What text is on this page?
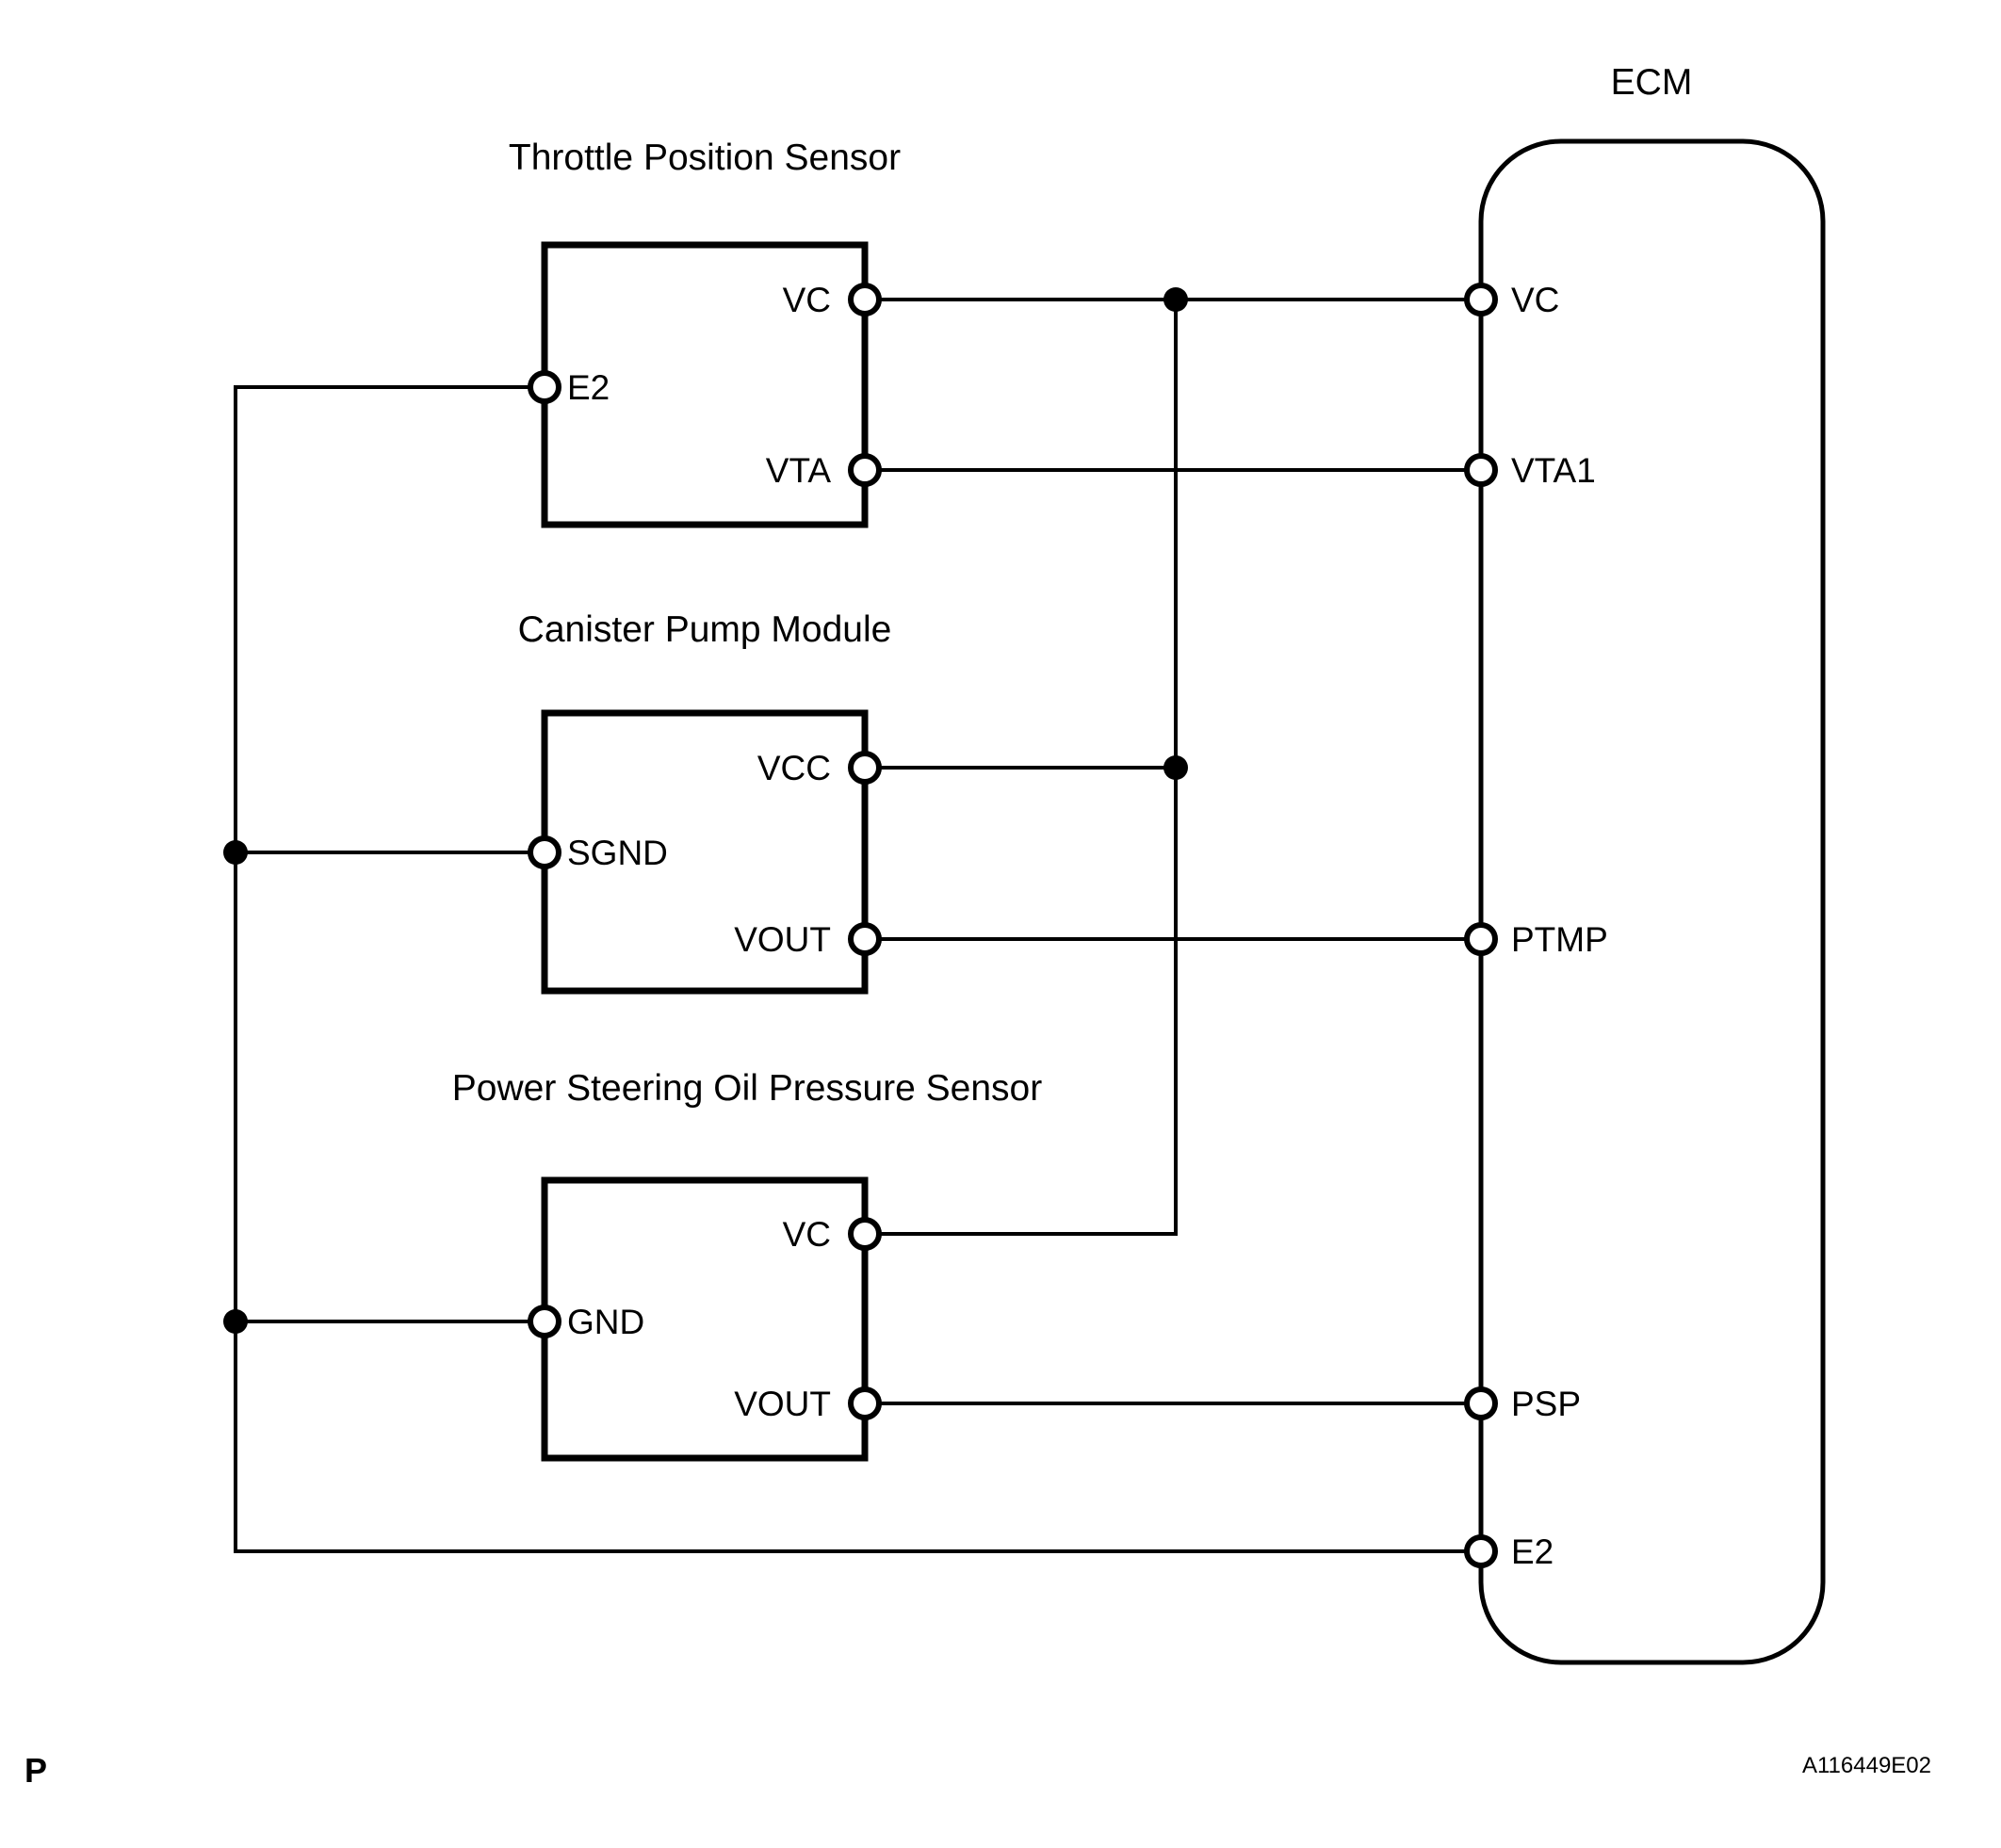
Throttle Position Sensor
Canister Pump Module
Power Steering Oil Pressure Sensor
ECM
VC
E2
VTA
VCC
SGND
VOUT
VC
GND
VOUT
VC
VTA1
PTMP
PSP
E2
P	A116449E02
